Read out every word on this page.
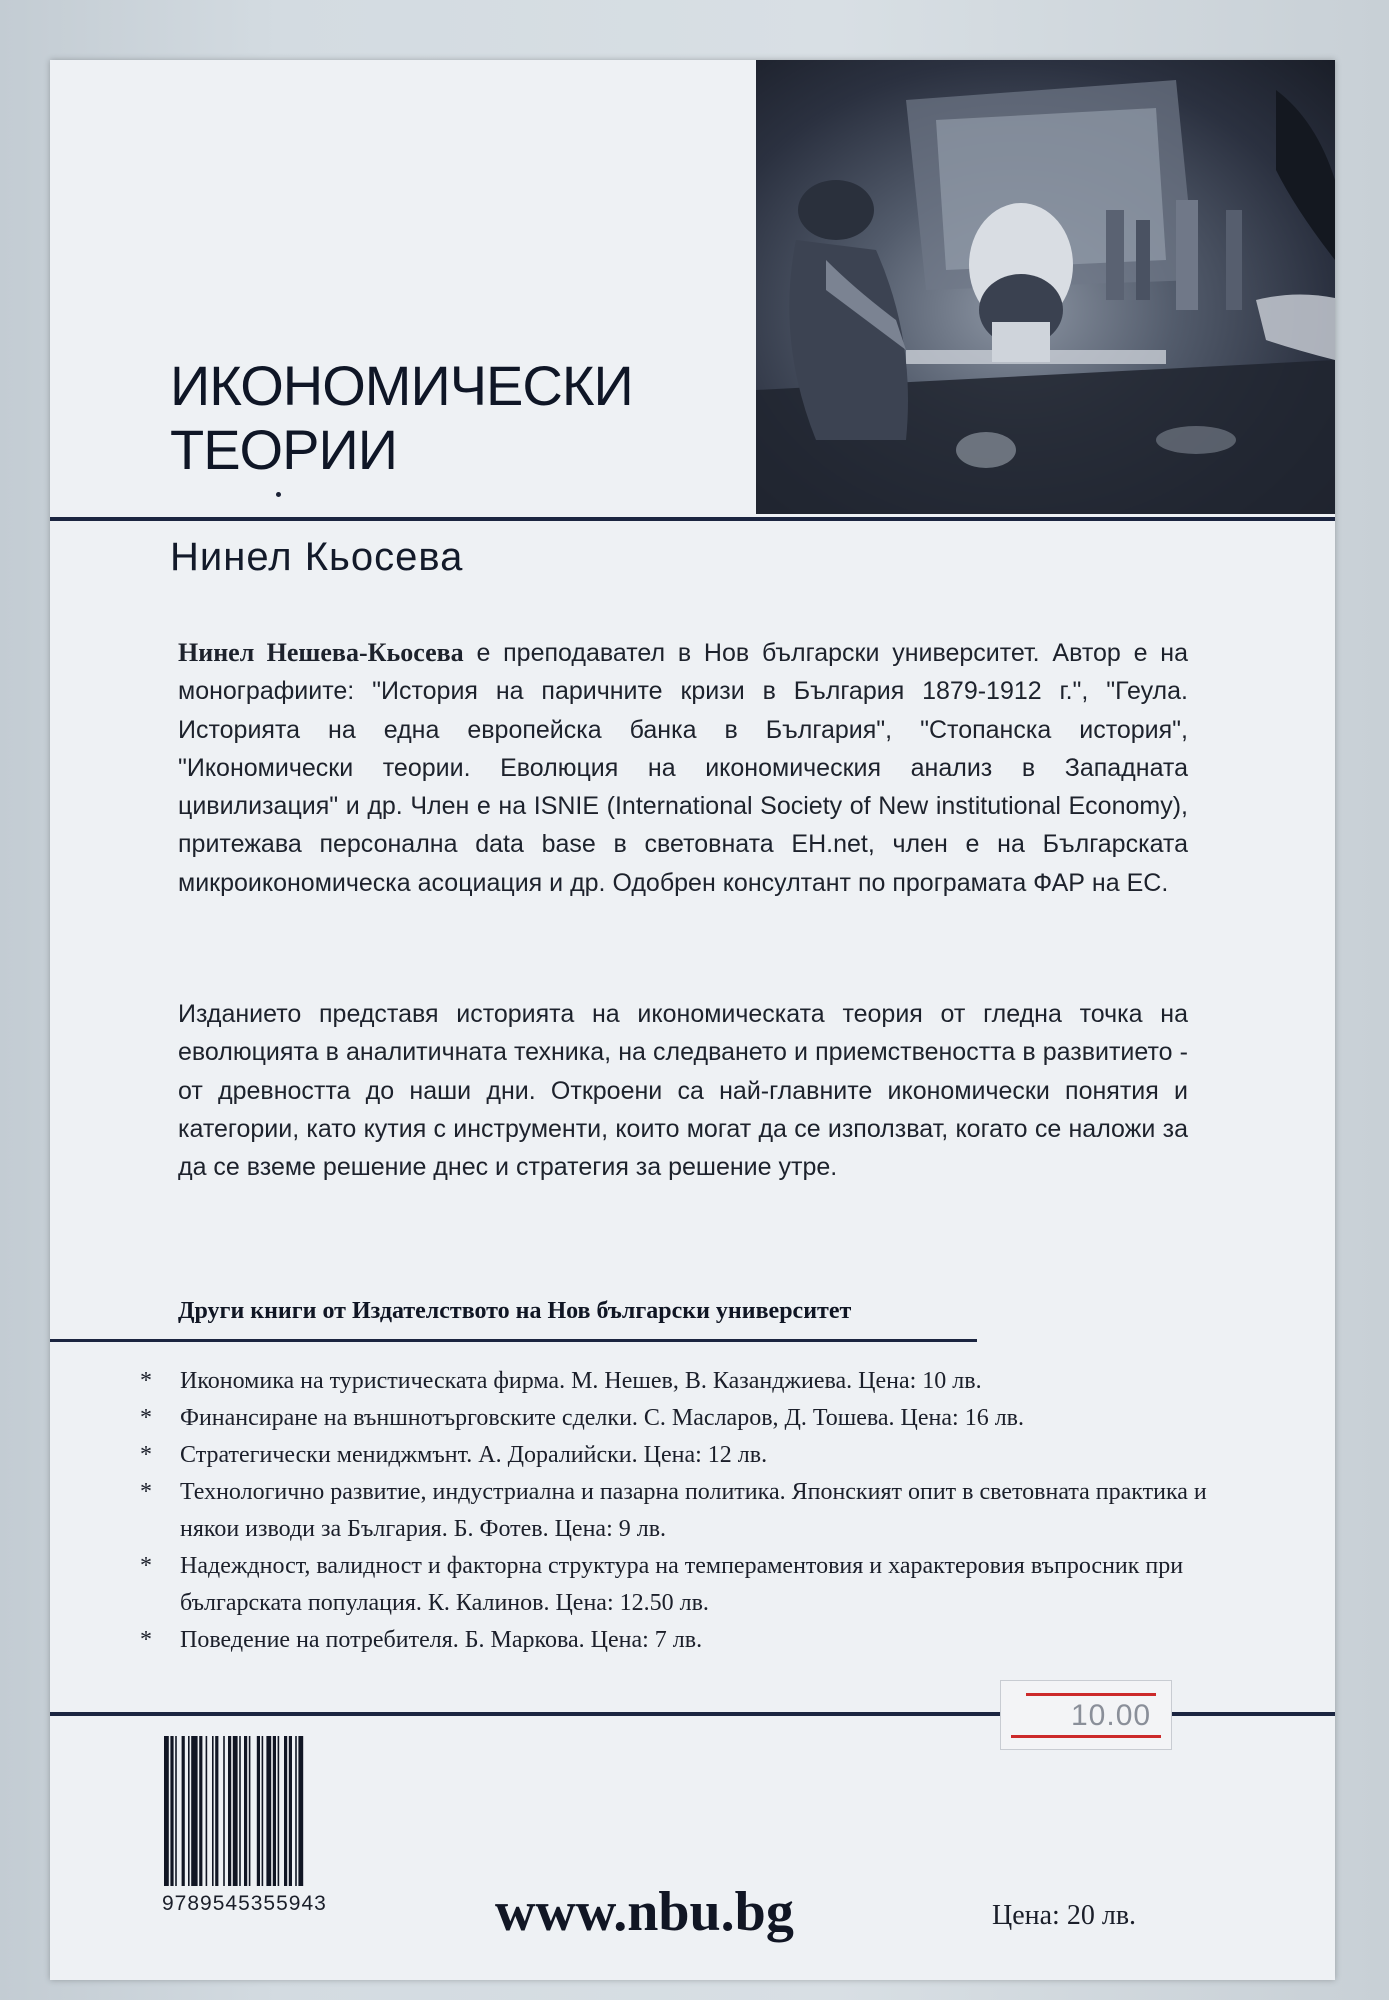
ИКОНОМИЧЕСКИ
ТЕОРИИ
Нинел Кьосева

Нинел Нешева-Кьосева е преподавател в Нов български университет. Автор е на монографиите: "История на паричните кризи в България 1879-1912 г.", "Геула. Историята на една европейска банка в България", "Стопанска история", "Икономически теории. Еволюция на икономическия анализ в Западната цивилизация" и др. Член е на ISNIE (International Society of New institutional Economy), притежава персонална data base в световната EH.net, член е на Българската микроикономическа асоциация и др. Одобрен консултант по програмата ФАР на ЕС.

Изданието представя историята на икономическата теория от гледна точка на еволюцията в аналитичната техника, на следването и приемствеността в развитието - от древността до наши дни. Откроени са най-главните икономически понятия и категории, като кутия с инструменти, които могат да се използват, когато се наложи за да се вземе решение днес и стратегия за решение утре.

Други книги от Издателството на Нов български университет
* Икономика на туристическата фирма. М. Нешев, В. Казанджиева. Цена: 10 лв.
* Финансиране на външнотърговските сделки. С. Масларов, Д. Тошева. Цена: 16 лв.
* Стратегически мениджмънт. А. Доралийски. Цена: 12 лв.
* Технологично развитие, индустриална и пазарна политика. Японският опит в световната практика и някои изводи за България. Б. Фотев. Цена: 9 лв.
* Надеждност, валидност и факторна структура на темпераментовия и характеровия въпросник при българската популация. К. Калинов. Цена: 12.50 лв.
* Поведение на потребителя. Б. Маркова. Цена: 7 лв.
10.00
9789545355943	www.nbu.bg	Цена: 20 лв.
